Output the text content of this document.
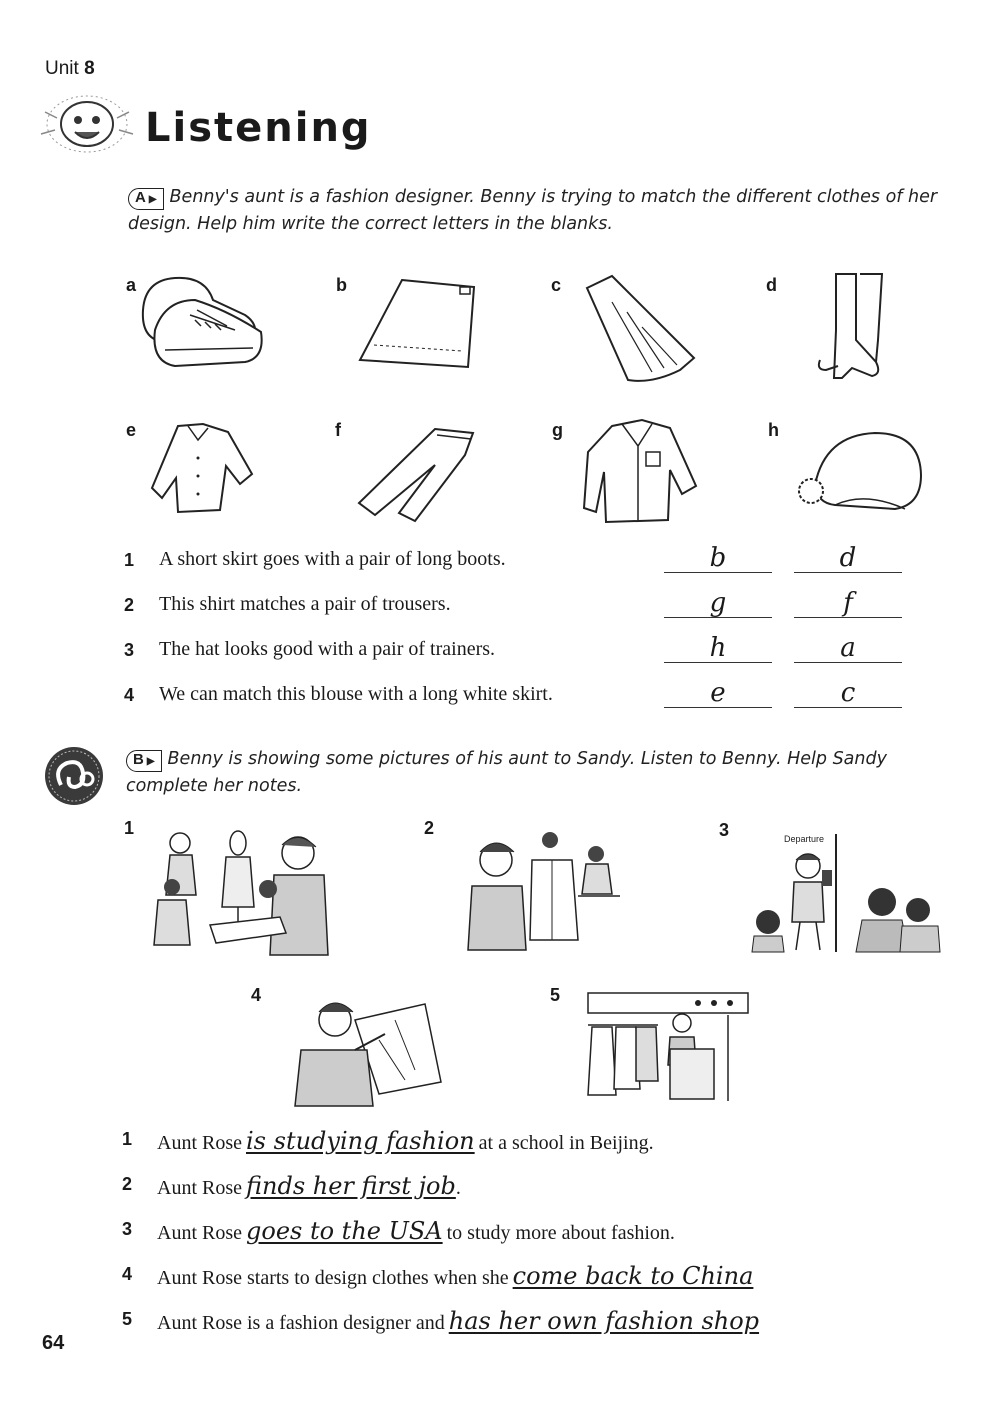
Unit 8
Listening
A ▶ Benny's aunt is a fashion designer. Benny is trying to match the different clothes of her design. Help him write the correct letters in the blanks.
a	b	c	d
e	f	g	h
1 A short skirt goes with a pair of long boots.	b	d
2 This shirt matches a pair of trousers.	g	f
3 The hat looks good with a pair of trainers.	h	a
4 We can match this blouse with a long white skirt.	e	c
B ▶ Benny is showing some pictures of his aunt to Sandy. Listen to Benny. Help Sandy complete her notes.
1	2	3	Departure
4	5
1 Aunt Rose is studying fashion at a school in Beijing.
2 Aunt Rose finds her first job.
3 Aunt Rose goes to the USA to study more about fashion.
4 Aunt Rose starts to design clothes when she come back to China
5 Aunt Rose is a fashion designer and has her own fashion shop
64
